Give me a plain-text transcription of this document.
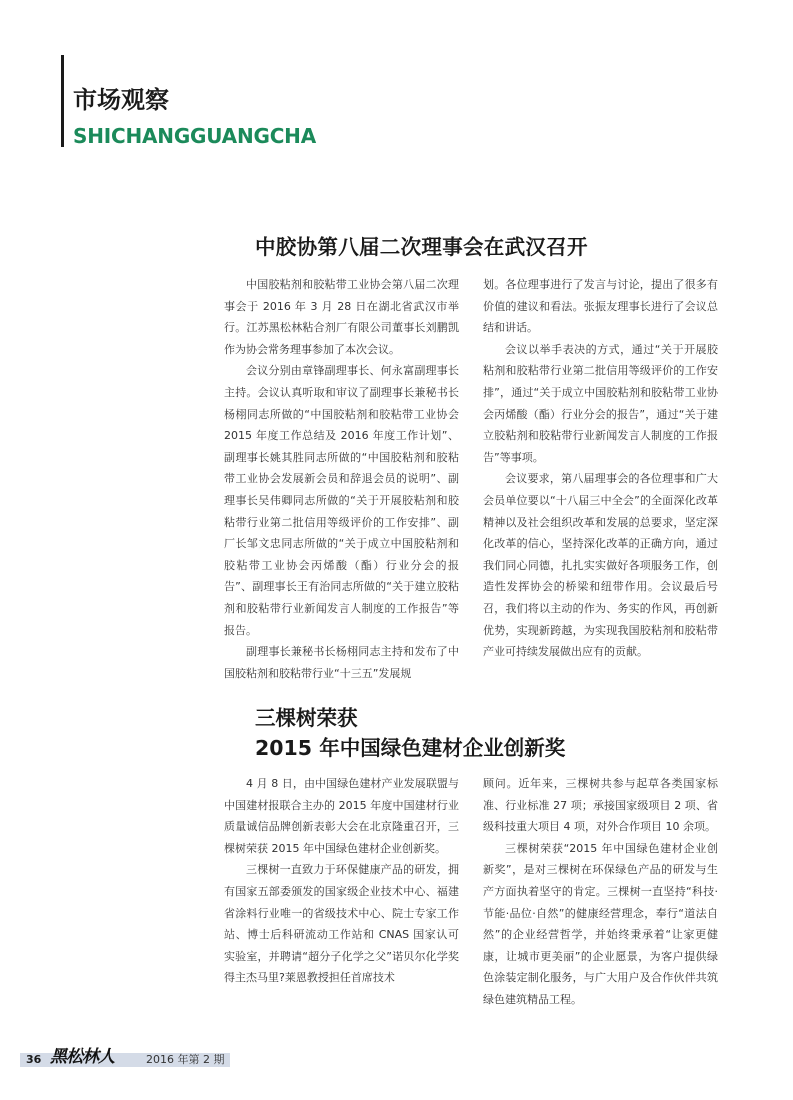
市场观察
SHICHANGGUANGCHA
中胶协第八届二次理事会在武汉召开

中国胶粘剂和胶粘带工业协会第八届二次理事会于 2016 年 3 月 28 日在湖北省武汉市举行。江苏黑松林粘合剂厂有限公司董事长刘鹏凯作为协会常务理事参加了本次会议。

会议分别由章锋副理事长、何永富副理事长主持。会议认真听取和审议了副理事长兼秘书长杨栩同志所做的“中国胶粘剂和胶粘带工业协会 2015 年度工作总结及 2016 年度工作计划”、副理事长姚其胜同志所做的“中国胶粘剂和胶粘带工业协会发展新会员和辞退会员的说明”、副理事长吴伟卿同志所做的“关于开展胶粘剂和胶粘带行业第二批信用等级评价的工作安排”、副厂长邹文忠同志所做的“关于成立中国胶粘剂和胶粘带工业协会丙烯酸（酯）行业分会的报告”、副理事长王有治同志所做的“关于建立胶粘剂和胶粘带行业新闻发言人制度的工作报告”等报告。

副理事长兼秘书长杨栩同志主持和发布了中国胶粘剂和胶粘带行业“十三五”发展规

划。各位理事进行了发言与讨论，提出了很多有价值的建议和看法。张振友理事长进行了会议总结和讲话。

会议以举手表决的方式，通过“关于开展胶粘剂和胶粘带行业第二批信用等级评价的工作安排”，通过“关于成立中国胶粘剂和胶粘带工业协会丙烯酸（酯）行业分会的报告”，通过“关于建立胶粘剂和胶粘带行业新闻发言人制度的工作报告”等事项。

会议要求，第八届理事会的各位理事和广大会员单位要以“十八届三中全会”的全面深化改革精神以及社会组织改革和发展的总要求，坚定深化改革的信心，坚持深化改革的正确方向，通过我们同心同德，扎扎实实做好各项服务工作，创造性发挥协会的桥梁和纽带作用。会议最后号召，我们将以主动的作为、务实的作风，再创新优势，实现新跨越，为实现我国胶粘剂和胶粘带产业可持续发展做出应有的贡献。

三棵树荣获
2015 年中国绿色建材企业创新奖

4 月 8 日，由中国绿色建材产业发展联盟与中国建材报联合主办的 2015 年度中国建材行业质量诚信品牌创新表彰大会在北京隆重召开，三棵树荣获 2015 年中国绿色建材企业创新奖。

三棵树一直致力于环保健康产品的研发，拥有国家五部委颁发的国家级企业技术中心、福建省涂料行业唯一的省级技术中心、院士专家工作站、博士后科研流动工作站和 CNAS 国家认可实验室，并聘请“超分子化学之父”诺贝尔化学奖得主杰马里?莱恩教授担任首席技术

顾问。近年来，三棵树共参与起草各类国家标准、行业标准 27 项；承接国家级项目 2 项、省级科技重大项目 4 项，对外合作项目 10 余项。

三棵树荣获“2015 年中国绿色建材企业创新奖”，是对三棵树在环保绿色产品的研发与生产方面执着坚守的肯定。三棵树一直坚持“科技·节能·品位·自然”的健康经营理念，奉行“道法自然”的企业经营哲学，并始终秉承着“让家更健康，让城市更美丽”的企业愿景，为客户提供绿色涂装定制化服务，与广大用户及合作伙伴共筑绿色建筑精品工程。

36 黑松林人	2016 年第 2 期
